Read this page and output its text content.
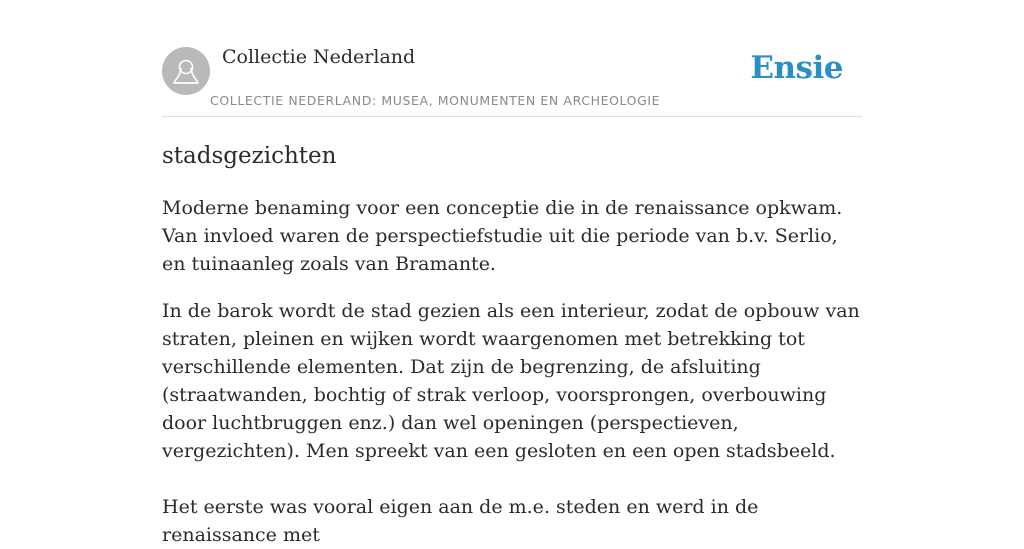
Collectie Nederland
COLLECTIE NEDERLAND: MUSEA, MONUMENTEN EN ARCHEOLOGIE
Ensie
stadsgezichten

Moderne benaming voor een conceptie die in de renaissance opkwam. Van invloed waren de perspectiefstudie uit die periode van b.v. Serlio, en tuinaanleg zoals van Bramante.

In de barok wordt de stad gezien als een interieur, zodat de opbouw van straten, pleinen en wijken wordt waargenomen met betrekking tot verschillende elementen. Dat zijn de begrenzing, de afsluiting (straatwanden, bochtig of strak verloop, voorsprongen, overbouwing door luchtbruggen enz.) dan wel openingen (perspectieven, vergezichten). Men spreekt van een gesloten en een open stadsbeeld.

Het eerste was vooral eigen aan de m.e. steden en werd in de renaissance met
